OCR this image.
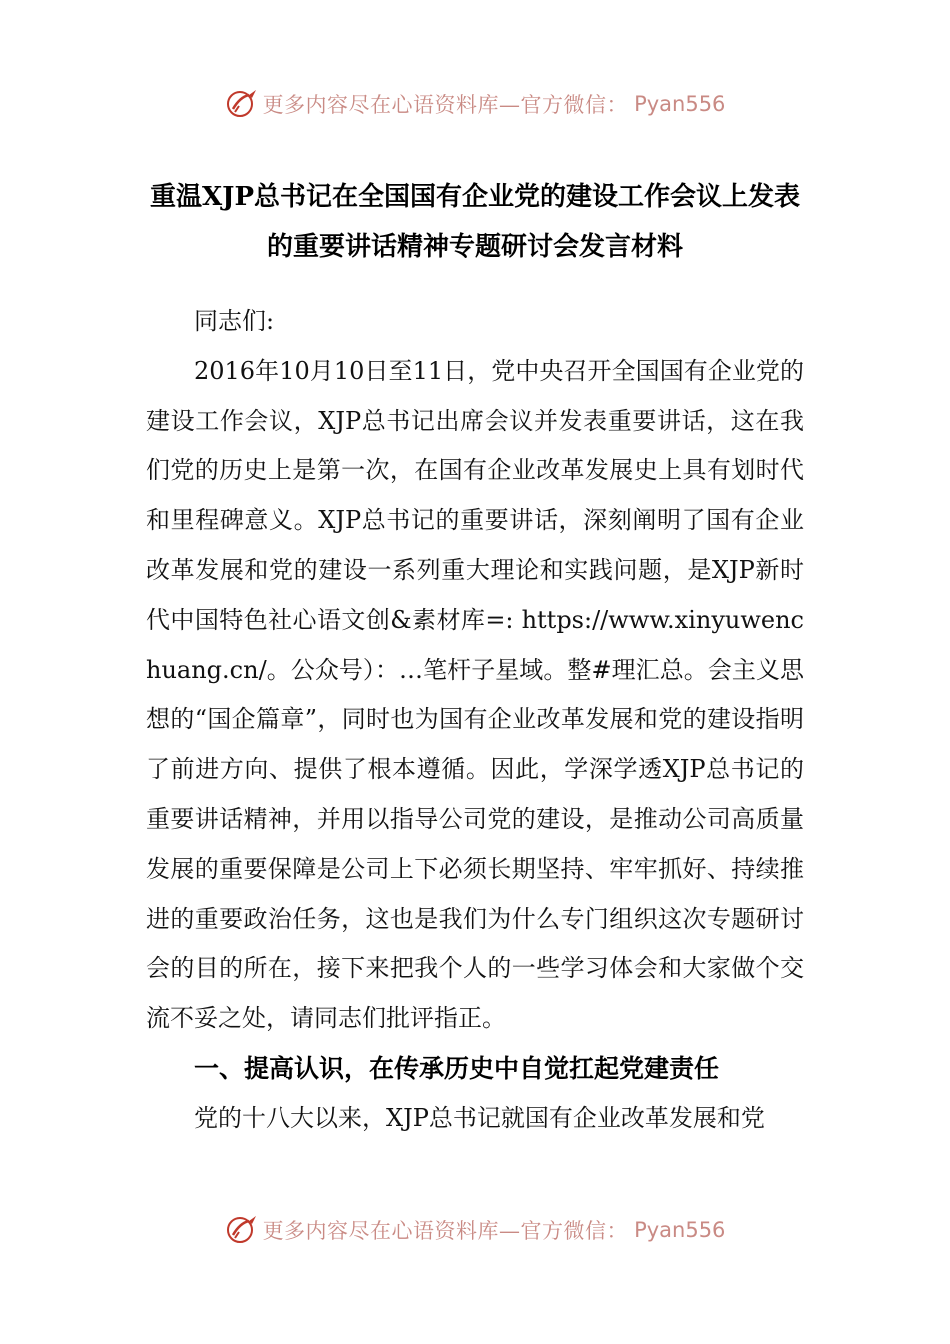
更多内容尽在心语资料库—官方微信： Pyan556
重温XJP总书记在全国国有企业党的建设工作会议上发表
的重要讲话精神专题研讨会发言材料

同志们:

2016年10月10日至11日，党中央召开全国国有企业党的建设工作会议，XJP总书记出席会议并发表重要讲话，这在我们党的历史上是第一次，在国有企业改革发展史上具有划时代和里程碑意义。XJP总书记的重要讲话，深刻阐明了国有企业改革发展和党的建设一系列重大理论和实践问题，是XJP新时代中国特色社心语文创&素材库=: https://www.xinyuwenchuang.cn/。公众号）：…笔杆子星域。整#理汇总。会主义思想的“国企篇章”，同时也为国有企业改革发展和党的建设指明了前进方向、提供了根本遵循。因此，学深学透XJP总书记的重要讲话精神，并用以指导公司党的建设，是推动公司高质量发展的重要保障是公司上下必须长期坚持、牢牢抓好、持续推进的重要政治任务，这也是我们为什么专门组织这次专题研讨会的目的所在，接下来把我个人的一些学习体会和大家做个交流不妥之处，请同志们批评指正。

一、提高认识，在传承历史中自觉扛起党建责任

党的十八大以来，XJP总书记就国有企业改革发展和党

更多内容尽在心语资料库—官方微信： Pyan556
